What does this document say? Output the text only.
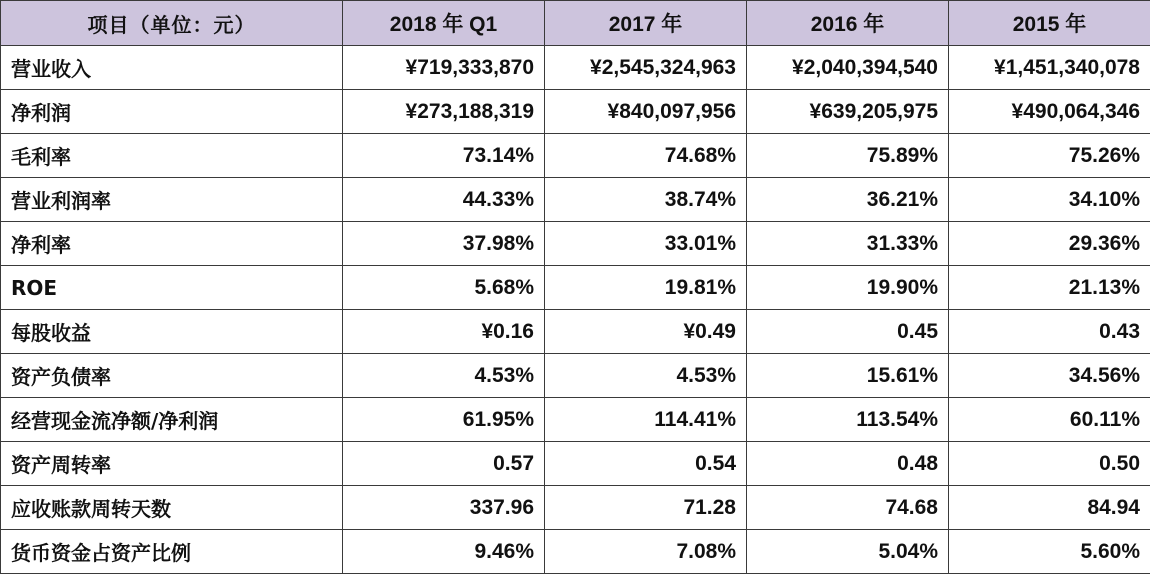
项目（单位：元）	2018 年 Q1	2017 年	2016 年	2015 年
营业收入	¥719,333,870	¥2,545,324,963	¥2,040,394,540	¥1,451,340,078
净利润	¥273,188,319	¥840,097,956	¥639,205,975	¥490,064,346
毛利率	73.14%	74.68%	75.89%	75.26%
营业利润率	44.33%	38.74%	36.21%	34.10%
净利率	37.98%	33.01%	31.33%	29.36%
ROE	5.68%	19.81%	19.90%	21.13%
每股收益	¥0.16	¥0.49	0.45	0.43
资产负债率	4.53%	4.53%	15.61%	34.56%
经营现金流净额/净利润	61.95%	114.41%	113.54%	60.11%
资产周转率	0.57	0.54	0.48	0.50
应收账款周转天数	337.96	71.28	74.68	84.94
货币资金占资产比例	9.46%	7.08%	5.04%	5.60%
